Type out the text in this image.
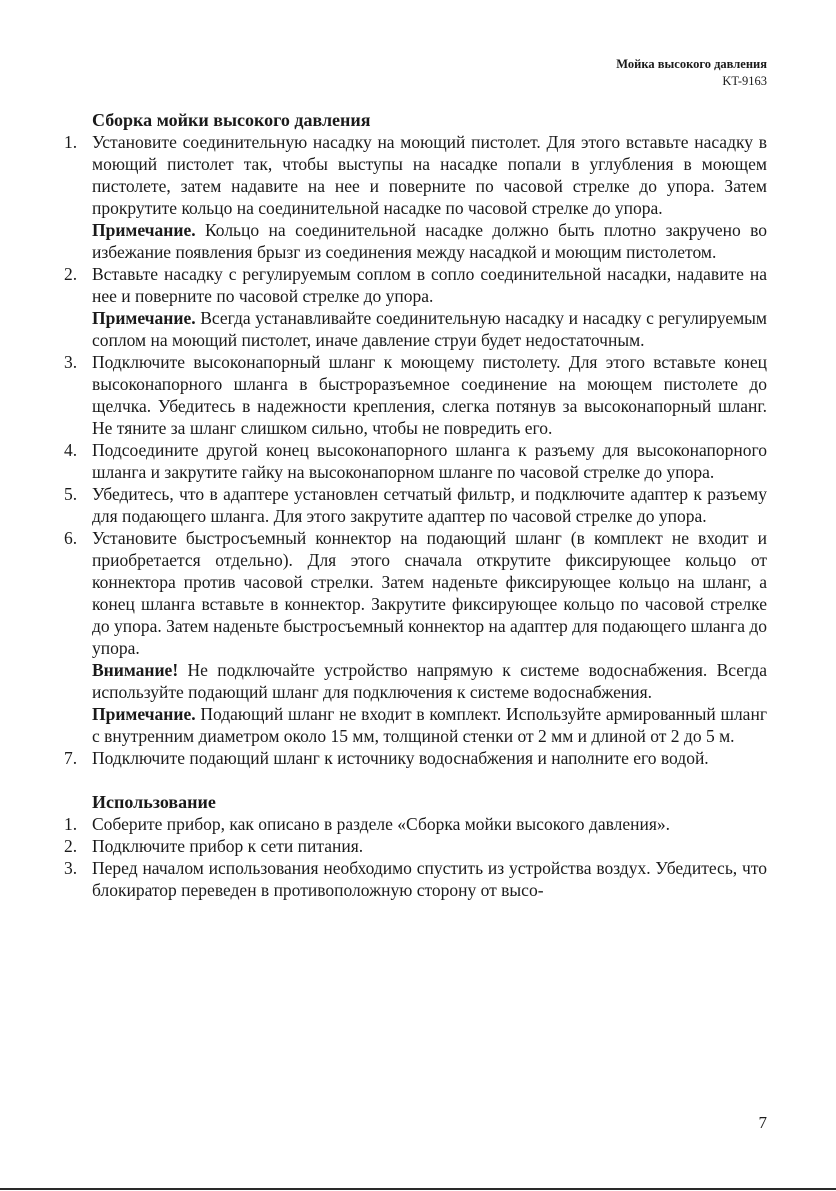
Мойка высокого давления
KT-9163
Сборка мойки высокого давления
1. Установите соединительную насадку на моющий пистолет. Для этого вставьте насадку в моющий пистолет так, чтобы выступы на насадке попали в углубления в моющем пистолете, затем надавите на нее и поверните по часовой стрелке до упора. Затем прокрутите кольцо на соединительной насадке по часовой стрелке до упора.

Примечание. Кольцо на соединительной насадке должно быть плотно закручено во избежание появления брызг из соединения между насадкой и моющим пистолетом.

2. Вставьте насадку с регулируемым соплом в сопло соединительной насадки, надавите на нее и поверните по часовой стрелке до упора.

Примечание. Всегда устанавливайте соединительную насадку и насадку с регулируемым соплом на моющий пистолет, иначе давление струи будет недостаточным.

3. Подключите высоконапорный шланг к моющему пистолету. Для этого вставьте конец высоконапорного шланга в быстроразъемное соединение на моющем пистолете до щелчка. Убедитесь в надежности крепления, слегка потянув за высоконапорный шланг. Не тяните за шланг слишком сильно, чтобы не повредить его.

4. Подсоедините другой конец высоконапорного шланга к разъему для высоконапорного шланга и закрутите гайку на высоконапорном шланге по часовой стрелке до упора.

5. Убедитесь, что в адаптере установлен сетчатый фильтр, и подключите адаптер к разъему для подающего шланга. Для этого закрутите адаптер по часовой стрелке до упора.

6. Установите быстросъемный коннектор на подающий шланг (в комплект не входит и приобретается отдельно). Для этого сначала открутите фиксирующее кольцо от коннектора против часовой стрелки. Затем наденьте фиксирующее кольцо на шланг, а конец шланга вставьте в коннектор. Закрутите фиксирующее кольцо по часовой стрелке до упора. Затем наденьте быстросъемный коннектор на адаптер для подающего шланга до упора.

Внимание! Не подключайте устройство напрямую к системе водоснабжения. Всегда используйте подающий шланг для подключения к системе водоснабжения.

Примечание. Подающий шланг не входит в комплект. Используйте армированный шланг с внутренним диаметром около 15 мм, толщиной стенки от 2 мм и длиной от 2 до 5 м.

7. Подключите подающий шланг к источнику водоснабжения и наполните его водой.

Использование
1. Соберите прибор, как описано в разделе «Сборка мойки высокого давления».

2. Подключите прибор к сети питания.

3. Перед началом использования необходимо спустить из устройства воздух. Убедитесь, что блокиратор переведен в противоположную сторону от высо-

7
